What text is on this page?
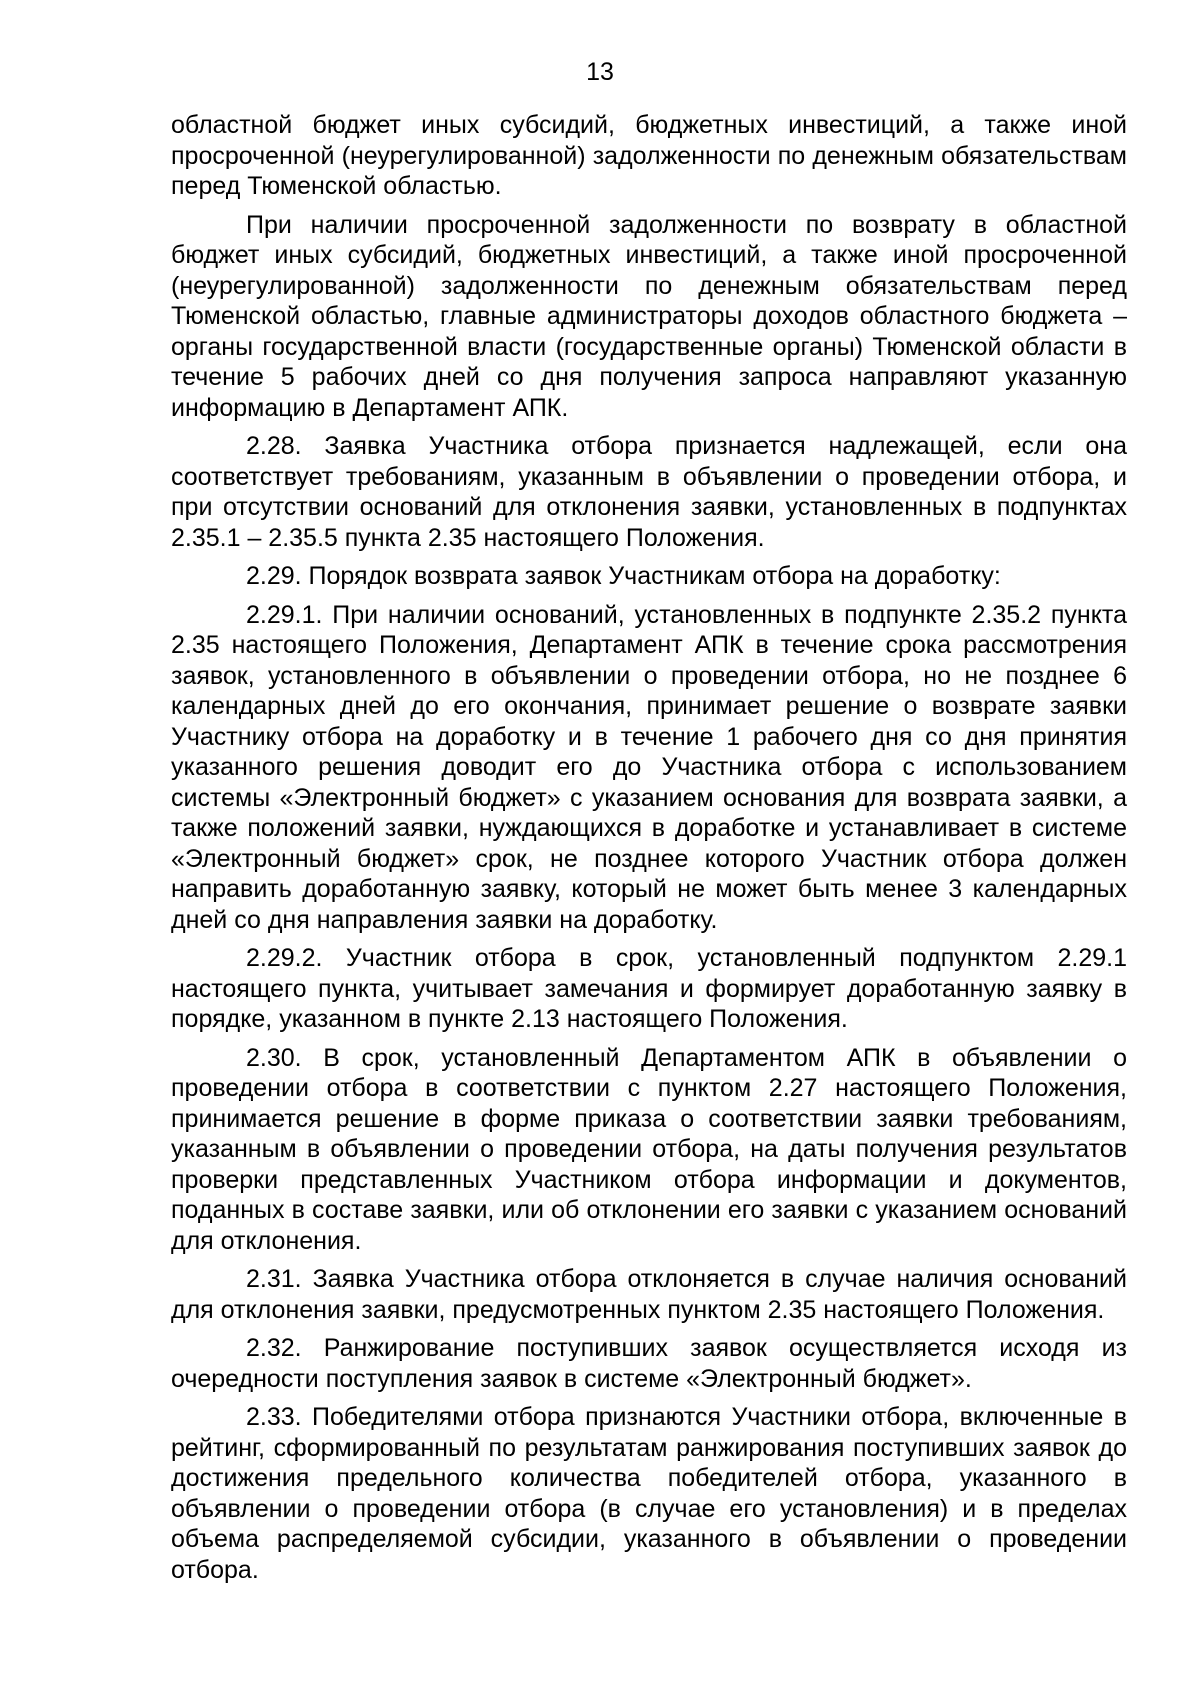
13

областной бюджет иных субсидий, бюджетных инвестиций, а также иной просроченной (неурегулированной) задолженности по денежным обязательствам перед Тюменской областью.

При наличии просроченной задолженности по возврату в областной бюджет иных субсидий, бюджетных инвестиций, а также иной просроченной (неурегулированной) задолженности по денежным обязательствам перед Тюменской областью, главные администраторы доходов областного бюджета – органы государственной власти (государственные органы) Тюменской области в течение 5 рабочих дней со дня получения запроса направляют указанную информацию в Департамент АПК.

2.28. Заявка Участника отбора признается надлежащей, если она соответствует требованиям, указанным в объявлении о проведении отбора, и при отсутствии оснований для отклонения заявки, установленных в подпунктах 2.35.1 – 2.35.5 пункта 2.35 настоящего Положения.

2.29. Порядок возврата заявок Участникам отбора на доработку:

2.29.1. При наличии оснований, установленных в подпункте 2.35.2 пункта 2.35 настоящего Положения, Департамент АПК в течение срока рассмотрения заявок, установленного в объявлении о проведении отбора, но не позднее 6 календарных дней до его окончания, принимает решение о возврате заявки Участнику отбора на доработку и в течение 1 рабочего дня со дня принятия указанного решения доводит его до Участника отбора с использованием системы «Электронный бюджет» с указанием основания для возврата заявки, а также положений заявки, нуждающихся в доработке и устанавливает в системе «Электронный бюджет» срок, не позднее которого Участник отбора должен направить доработанную заявку, который не может быть менее 3 календарных дней со дня направления заявки на доработку.

2.29.2. Участник отбора в срок, установленный подпунктом 2.29.1 настоящего пункта, учитывает замечания и формирует доработанную заявку в порядке, указанном в пункте 2.13 настоящего Положения.

2.30. В срок, установленный Департаментом АПК в объявлении о проведении отбора в соответствии с пунктом 2.27 настоящего Положения, принимается решение в форме приказа о соответствии заявки требованиям, указанным в объявлении о проведении отбора, на даты получения результатов проверки представленных Участником отбора информации и документов, поданных в составе заявки, или об отклонении его заявки с указанием оснований для отклонения.

2.31. Заявка Участника отбора отклоняется в случае наличия оснований для отклонения заявки, предусмотренных пунктом 2.35 настоящего Положения.

2.32. Ранжирование поступивших заявок осуществляется исходя из очередности поступления заявок в системе «Электронный бюджет».

2.33. Победителями отбора признаются Участники отбора, включенные в рейтинг, сформированный по результатам ранжирования поступивших заявок до достижения предельного количества победителей отбора, указанного в объявлении о проведении отбора (в случае его установления) и в пределах объема распределяемой субсидии, указанного в объявлении о проведении отбора.
